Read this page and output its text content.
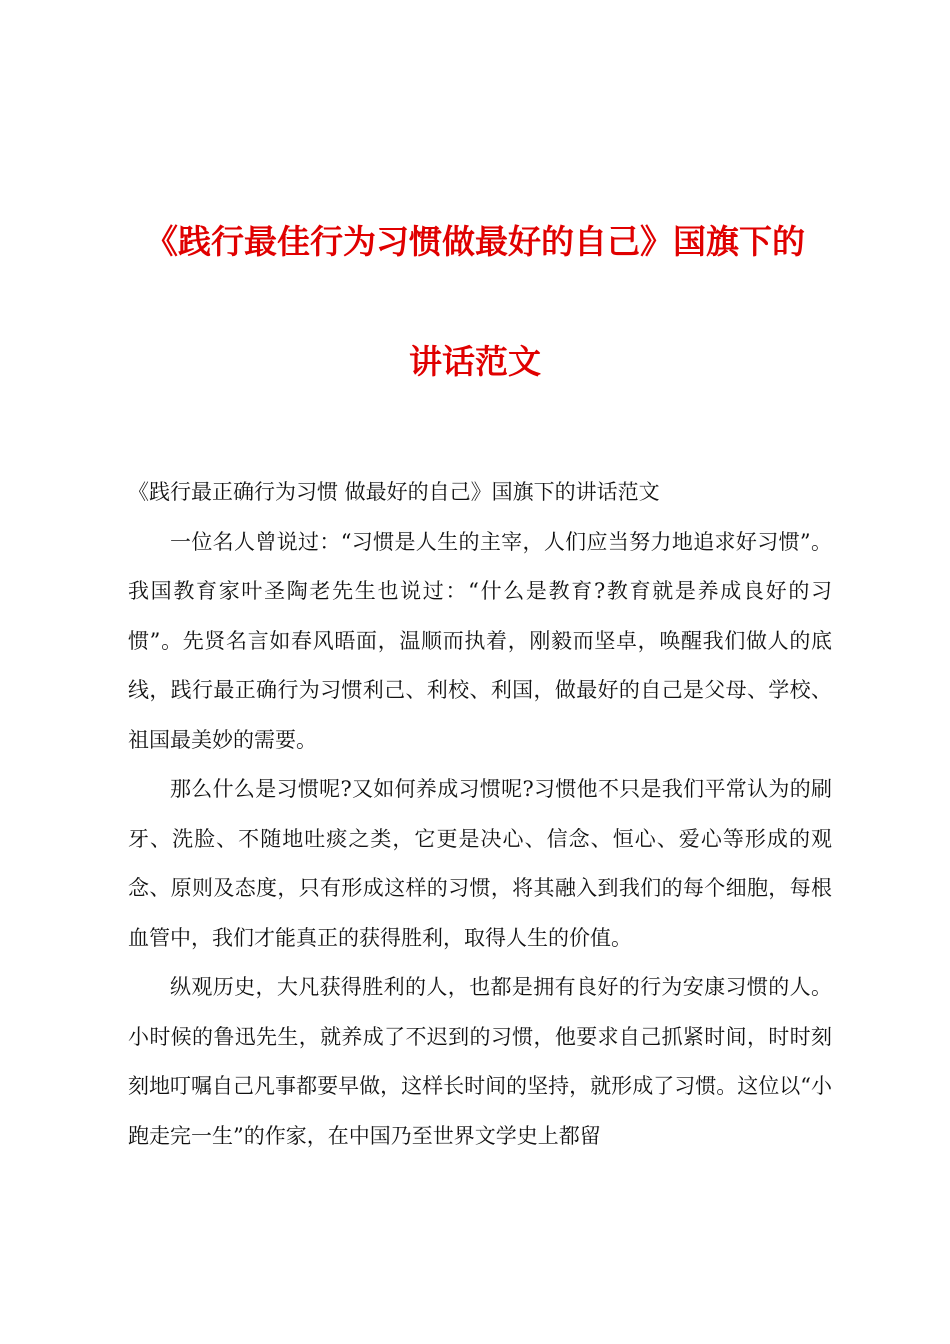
《践行最佳行为习惯做最好的自己》国旗下的
讲话范文

《践行最正确行为习惯 做最好的自己》国旗下的讲话范文

一位名人曾说过：“习惯是人生的主宰，人们应当努力地追求好习惯”。我国教育家叶圣陶老先生也说过：“什么是教育?教育就是养成良好的习惯”。先贤名言如春风晤面，温顺而执着，刚毅而坚卓，唤醒我们做人的底线，践行最正确行为习惯利己、利校、利国，做最好的自己是父母、学校、祖国最美妙的需要。

那么什么是习惯呢?又如何养成习惯呢?习惯他不只是我们平常认为的刷牙、洗脸、不随地吐痰之类，它更是决心、信念、恒心、爱心等形成的观念、原则及态度，只有形成这样的习惯，将其融入到我们的每个细胞，每根血管中，我们才能真正的获得胜利，取得人生的价值。

纵观历史，大凡获得胜利的人，也都是拥有良好的行为安康习惯的人。小时候的鲁迅先生，就养成了不迟到的习惯，他要求自己抓紧时间，时时刻刻地叮嘱自己凡事都要早做，这样长时间的坚持，就形成了习惯。这位以“小跑走完一生”的作家，在中国乃至世界文学史上都留
